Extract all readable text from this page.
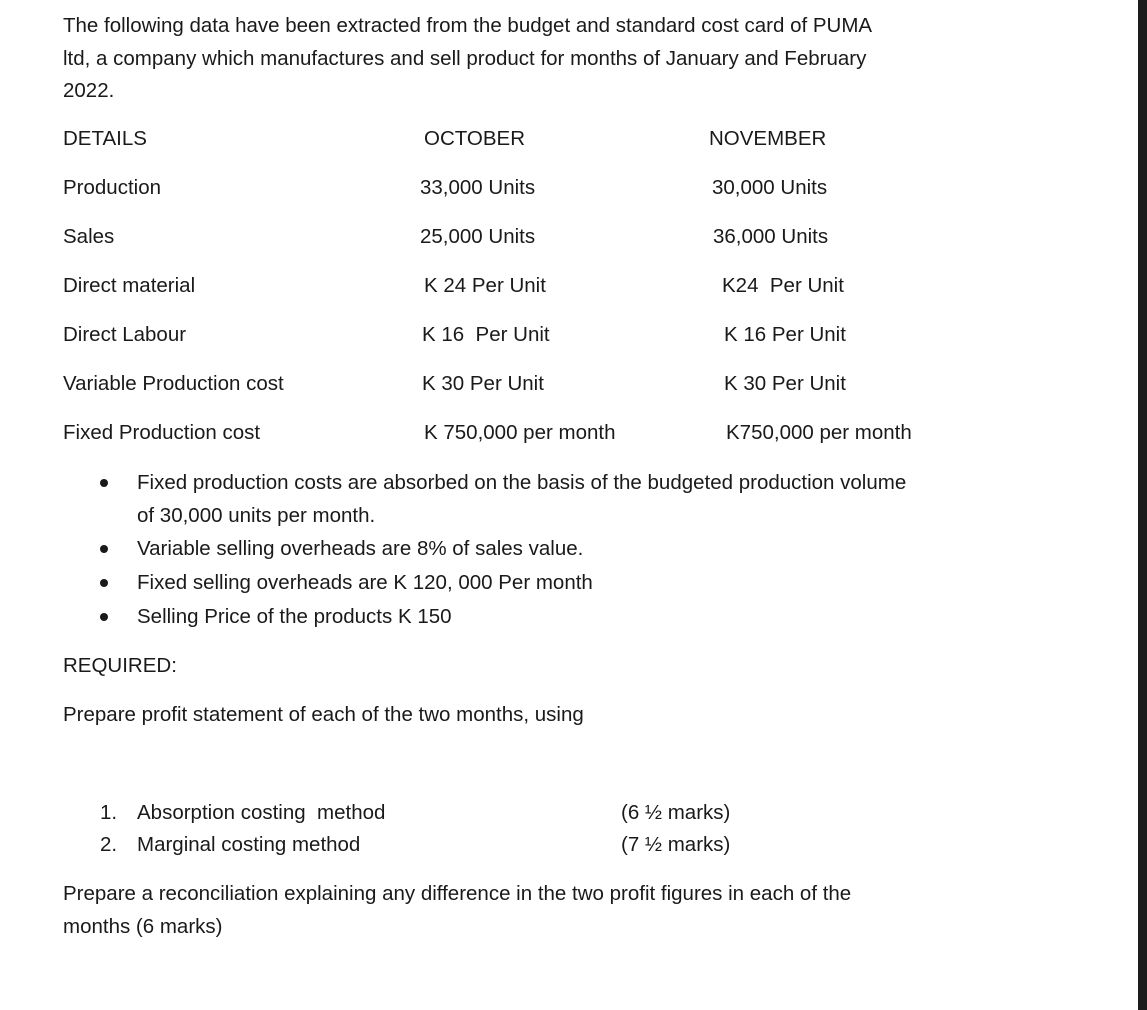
The following data have been extracted from the budget and standard cost card of PUMA
ltd, a company which manufactures and sell product for months of January and February
2022.
DETAILS	OCTOBER	NOVEMBER
Production	33,000 Units	30,000 Units
Sales	25,000 Units	36,000 Units
Direct material	K 24 Per Unit	K24  Per Unit
Direct Labour	K 16  Per Unit	K 16 Per Unit
Variable Production cost	K 30 Per Unit	K 30 Per Unit
Fixed Production cost	K 750,000 per month	K750,000 per month
Fixed production costs are absorbed on the basis of the budgeted production volume
of 30,000 units per month.
Variable selling overheads are 8% of sales value.
Fixed selling overheads are K 120, 000 Per month
Selling Price of the products K 150
REQUIRED:
Prepare profit statement of each of the two months, using
1. Absorption costing  method	(6 ½ marks)
2. Marginal costing method	(7 ½ marks)
Prepare a reconciliation explaining any difference in the two profit figures in each of the
months (6 marks)
